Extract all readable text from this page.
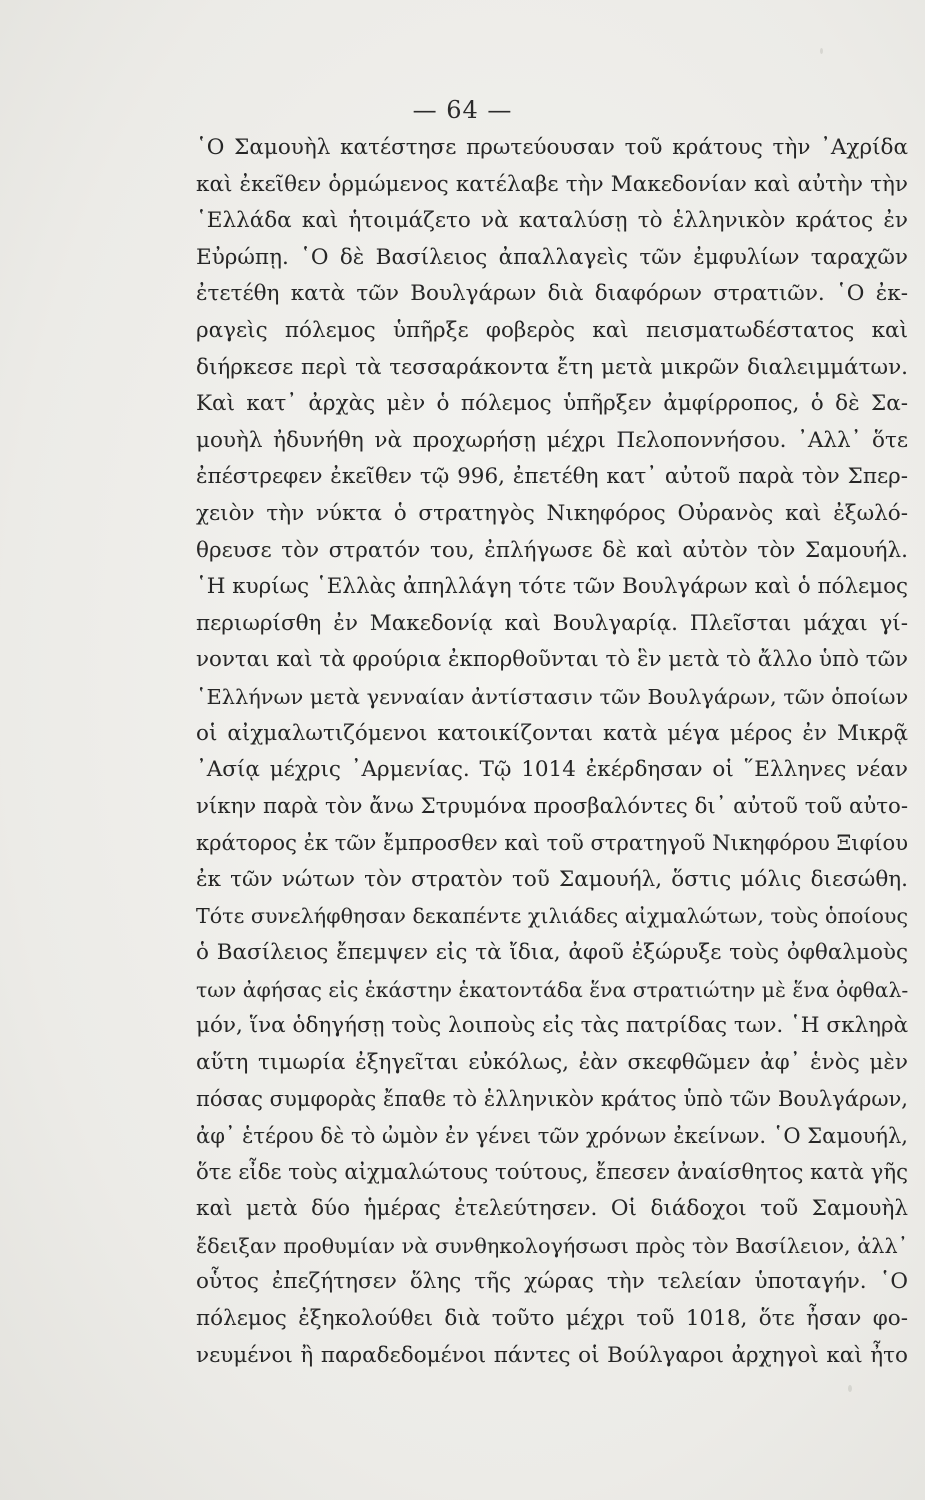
— 64 —
῾Ο Σαμουὴλ κατέστησε πρωτεύουσαν τοῦ κράτους τὴν ᾿Αχρίδα
καὶ ἐκεῖθεν ὁρμώμενος κατέλαβε τὴν Μακεδονίαν καὶ αὐτὴν τὴν
῾Ελλάδα καὶ ἡτοιμάζετο νὰ καταλύσῃ τὸ ἑλληνικὸν κράτος ἐν
Εὐρώπῃ. ῾Ο δὲ Βασίλειος ἀπαλλαγεὶς τῶν ἐμφυλίων ταραχῶν
ἐτετέθη κατὰ τῶν Βουλγάρων διὰ διαφόρων στρατιῶν. ῾Ο ἐκ-
ραγεὶς πόλεμος ὑπῆρξε φοβερὸς καὶ πεισματωδέστατος καὶ
διήρκεσε περὶ τὰ τεσσαράκοντα ἔτη μετὰ μικρῶν διαλειμμάτων.
Καὶ κατ᾿ ἀρχὰς μὲν ὁ πόλεμος ὑπῆρξεν ἀμφίρροπος, ὁ δὲ Σα-
μουὴλ ἠδυνήθη νὰ προχωρήσῃ μέχρι Πελοποννήσου. ᾿Αλλ᾿ ὅτε
ἐπέστρεφεν ἐκεῖθεν τῷ 996, ἐπετέθη κατ᾿ αὐτοῦ παρὰ τὸν Σπερ-
χειὸν τὴν νύκτα ὁ στρατηγὸς Νικηφόρος Οὐρανὸς καὶ ἐξωλό-
θρευσε τὸν στρατόν του, ἐπλήγωσε δὲ καὶ αὐτὸν τὸν Σαμουήλ.
῾Η κυρίως ῾Ελλὰς ἀπηλλάγη τότε τῶν Βουλγάρων καὶ ὁ πόλεμος
περιωρίσθη ἐν Μακεδονίᾳ καὶ Βουλγαρίᾳ. Πλεῖσται μάχαι γί-
νονται καὶ τὰ φρούρια ἐκπορθοῦνται τὸ ἓν μετὰ τὸ ἄλλο ὑπὸ τῶν
῾Ελλήνων μετὰ γενναίαν ἀντίστασιν τῶν Βουλγάρων, τῶν ὁποίων
οἱ αἰχμαλωτιζόμενοι κατοικίζονται κατὰ μέγα μέρος ἐν Μικρᾷ
᾿Ασίᾳ μέχρις ᾿Αρμενίας. Τῷ 1014 ἐκέρδησαν οἱ ῞Ελληνες νέαν
νίκην παρὰ τὸν ἄνω Στρυμόνα προσβαλόντες δι᾿ αὐτοῦ τοῦ αὐτο-
κράτορος ἐκ τῶν ἔμπροσθεν καὶ τοῦ στρατηγοῦ Νικηφόρου Ξιφίου
ἐκ τῶν νώτων τὸν στρατὸν τοῦ Σαμουήλ, ὅστις μόλις διεσώθη.
Τότε συνελήφθησαν δεκαπέντε χιλιάδες αἰχμαλώτων, τοὺς ὁποίους
ὁ Βασίλειος ἔπεμψεν εἰς τὰ ἴδια, ἀφοῦ ἐξώρυξε τοὺς ὀφθαλμοὺς
των ἀφήσας εἰς ἑκάστην ἑκατοντάδα ἕνα στρατιώτην μὲ ἕνα ὀφθαλ-
μόν, ἵνα ὁδηγήσῃ τοὺς λοιποὺς εἰς τὰς πατρίδας των. ῾Η σκληρὰ
αὕτη τιμωρία ἐξηγεῖται εὐκόλως, ἐὰν σκεφθῶμεν ἀφ᾿ ἑνὸς μὲν
πόσας συμφορὰς ἔπαθε τὸ ἑλληνικὸν κράτος ὑπὸ τῶν Βουλγάρων,
ἀφ᾿ ἑτέρου δὲ τὸ ὠμὸν ἐν γένει τῶν χρόνων ἐκείνων. ῾Ο Σαμουήλ,
ὅτε εἶδε τοὺς αἰχμαλώτους τούτους, ἔπεσεν ἀναίσθητος κατὰ γῆς
καὶ μετὰ δύο ἡμέρας ἐτελεύτησεν. Οἱ διάδοχοι τοῦ Σαμουὴλ
ἔδειξαν προθυμίαν νὰ συνθηκολογήσωσι πρὸς τὸν Βασίλειον, ἀλλ᾿
οὗτος ἐπεζήτησεν ὅλης τῆς χώρας τὴν τελείαν ὑποταγήν. ῾Ο
πόλεμος ἐξηκολούθει διὰ τοῦτο μέχρι τοῦ 1018, ὅτε ἦσαν φο-
νευμένοι ἢ παραδεδομένοι πάντες οἱ Βούλγαροι ἀρχηγοὶ καὶ ἦτο
